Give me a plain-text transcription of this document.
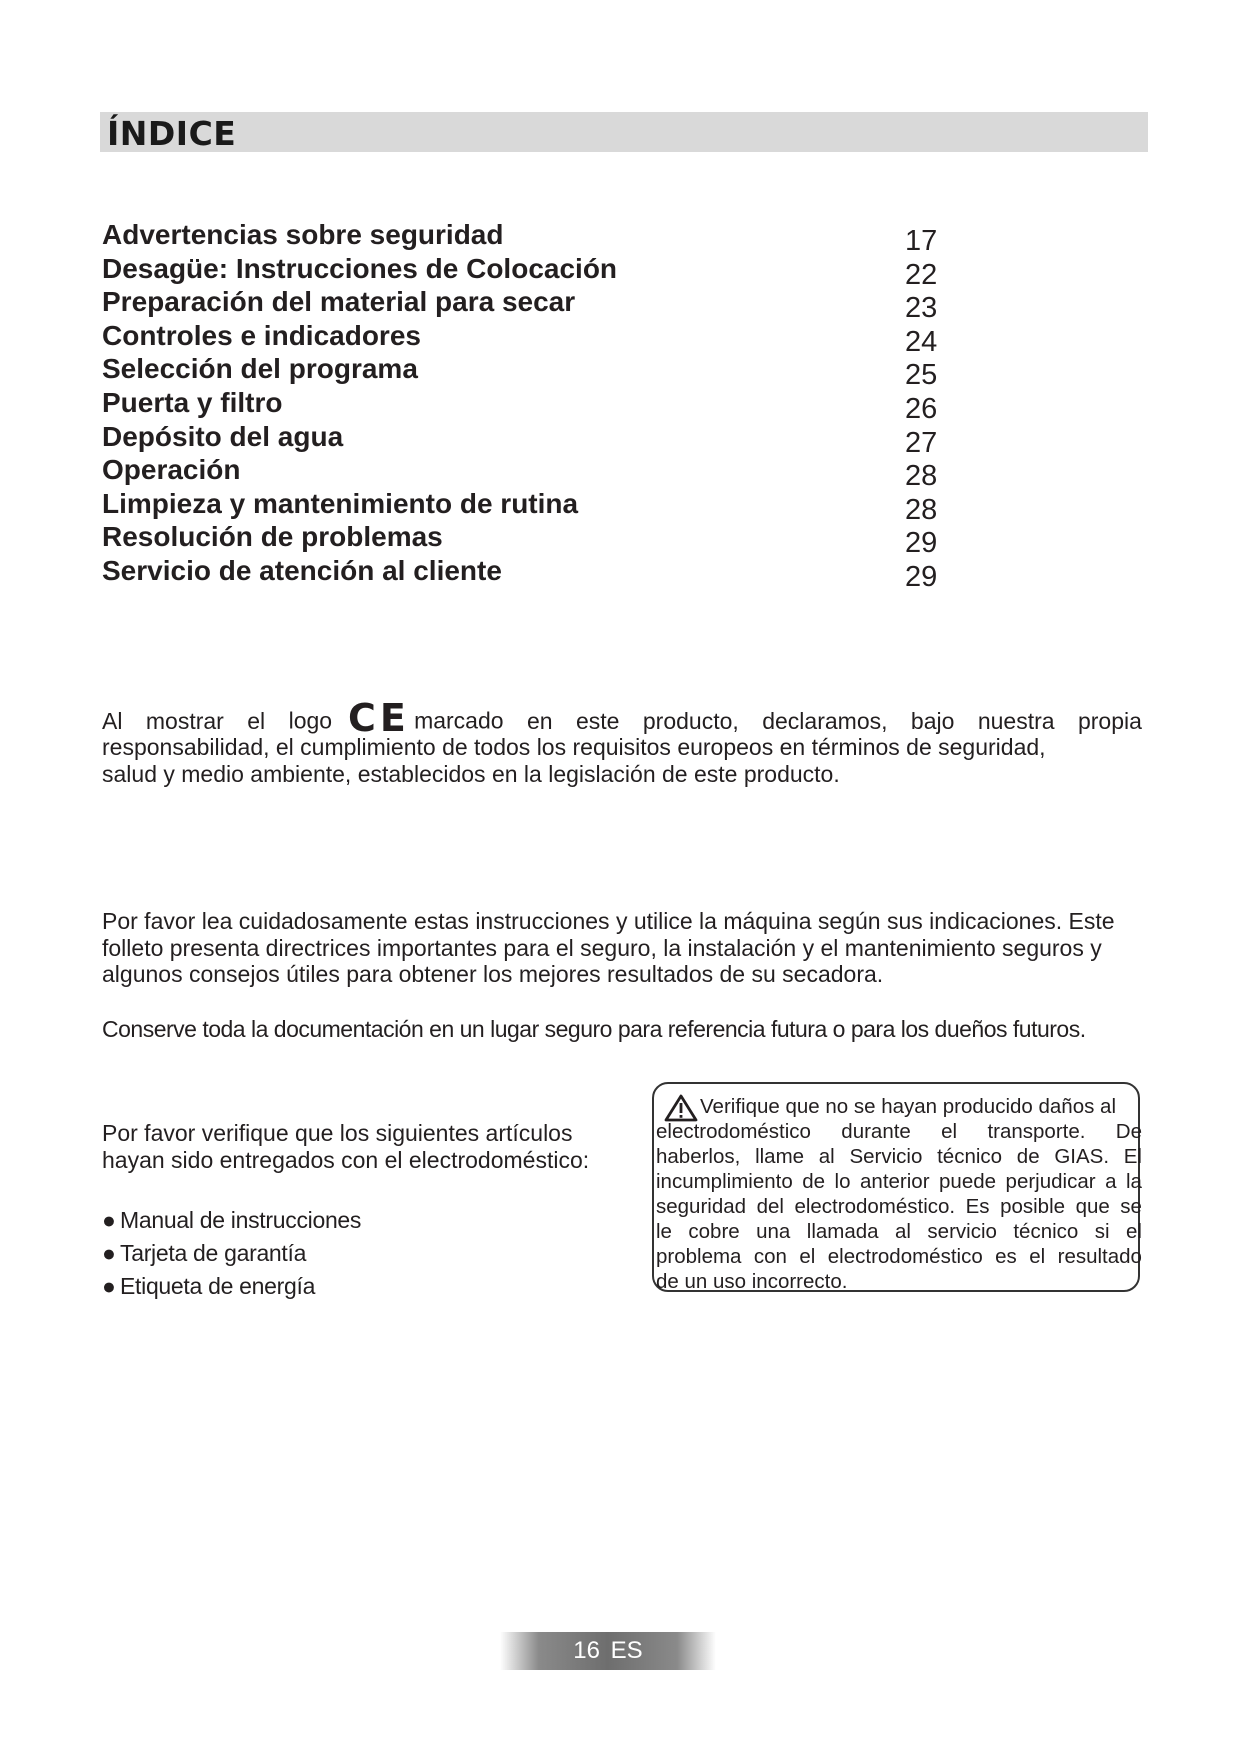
ÍNDICE
Advertencias sobre seguridad
Desagüe: Instrucciones de Colocación
Preparación del material para secar
Controles e indicadores
Selección del programa
Puerta y filtro
Depósito del agua
Operación
Limpieza y mantenimiento de rutina
Resolución de problemas
Servicio de atención al cliente
17
22
23
24
25
26
27
28
28
29
29
Al mostrar el logo CE marcado en este producto, declaramos, bajo nuestra propia
responsabilidad, el cumplimiento de todos los requisitos europeos en términos de seguridad,
salud y medio ambiente, establecidos en la legislación de este producto.
Por favor lea cuidadosamente estas instrucciones y utilice la máquina según sus indicaciones. Este
folleto presenta directrices importantes para el seguro, la instalación y el mantenimiento seguros y
algunos consejos útiles para obtener los mejores resultados de su secadora.
Conserve toda la documentación en un lugar seguro para referencia futura o para los dueños futuros.
Por favor verifique que los siguientes artículos
hayan sido entregados con el electrodoméstico:
● Manual de instrucciones
● Tarjeta de garantía
● Etiqueta de energía
Verifique que no se hayan producido daños al
electrodoméstico durante el transporte. De
haberlos, llame al Servicio técnico de GIAS. El
incumplimiento de lo anterior puede perjudicar a la
seguridad del electrodoméstico. Es posible que se
le cobre una llamada al servicio técnico si el
problema con el electrodoméstico es el resultado
de un uso incorrecto.
16 ES
